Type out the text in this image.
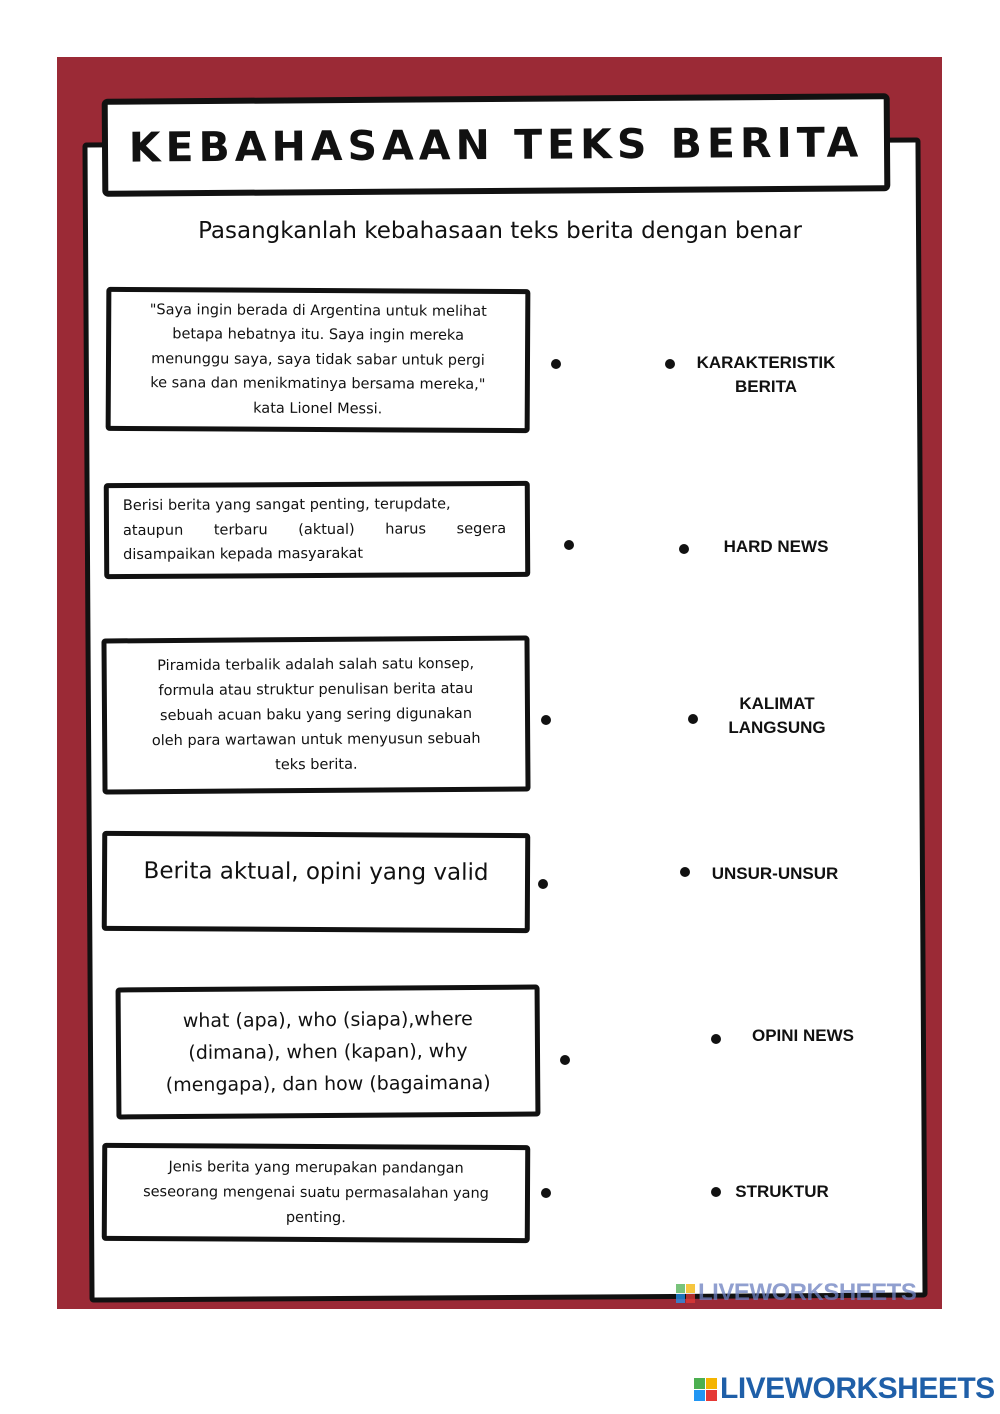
KEBAHASAAN TEKS BERITA
Pasangkanlah kebahasaan teks berita dengan benar
"Saya ingin berada di Argentina untuk melihat
betapa hebatnya itu. Saya ingin mereka
menunggu saya, saya tidak sabar untuk pergi
ke sana dan menikmatinya bersama mereka,"
kata Lionel Messi.
Berisi berita yang sangat penting, terupdate,
ataupun terbaru (aktual) harus segera
disampaikan kepada masyarakat
Piramida terbalik adalah salah satu konsep,
formula atau struktur penulisan berita atau
sebuah acuan baku yang sering digunakan
oleh para wartawan untuk menyusun sebuah
teks berita.
Berita aktual, opini yang valid
what (apa), who (siapa),where
(dimana), when (kapan), why
(mengapa), dan how (bagaimana)
Jenis berita yang merupakan pandangan
seseorang mengenai suatu permasalahan yang
penting.
KARAKTERISTIK
BERITA
HARD NEWS
KALIMAT
LANGSUNG
UNSUR-UNSUR
OPINI NEWS
STRUKTUR
LIVEWORKSHEETS
LIVEWORKSHEETS
